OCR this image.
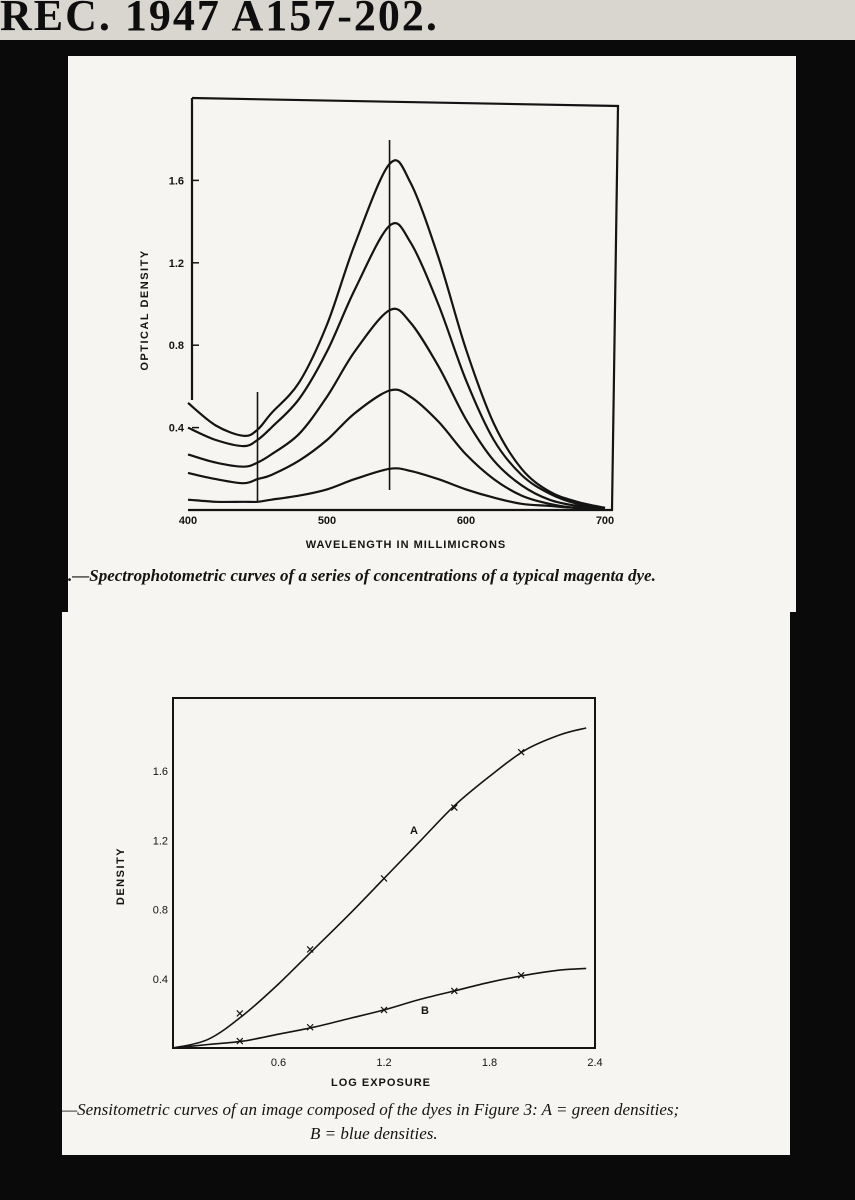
REC. 1947 A157-202.
0.4
0.8
1.2
1.6
400	500	600	700
WAVELENGTH IN MILLIMICRONS
OPTICAL DENSITY
A
B
0.4
0.8
1.2
1.6
0.6	1.2	1.8	2.4
LOG EXPOSURE
DENSITY
.—Spectrophotometric curves of a series of concentrations of a typical magenta dye.
—Sensitometric curves of an image composed of the dyes in Figure 3: A = green densities;
B = blue densities.
